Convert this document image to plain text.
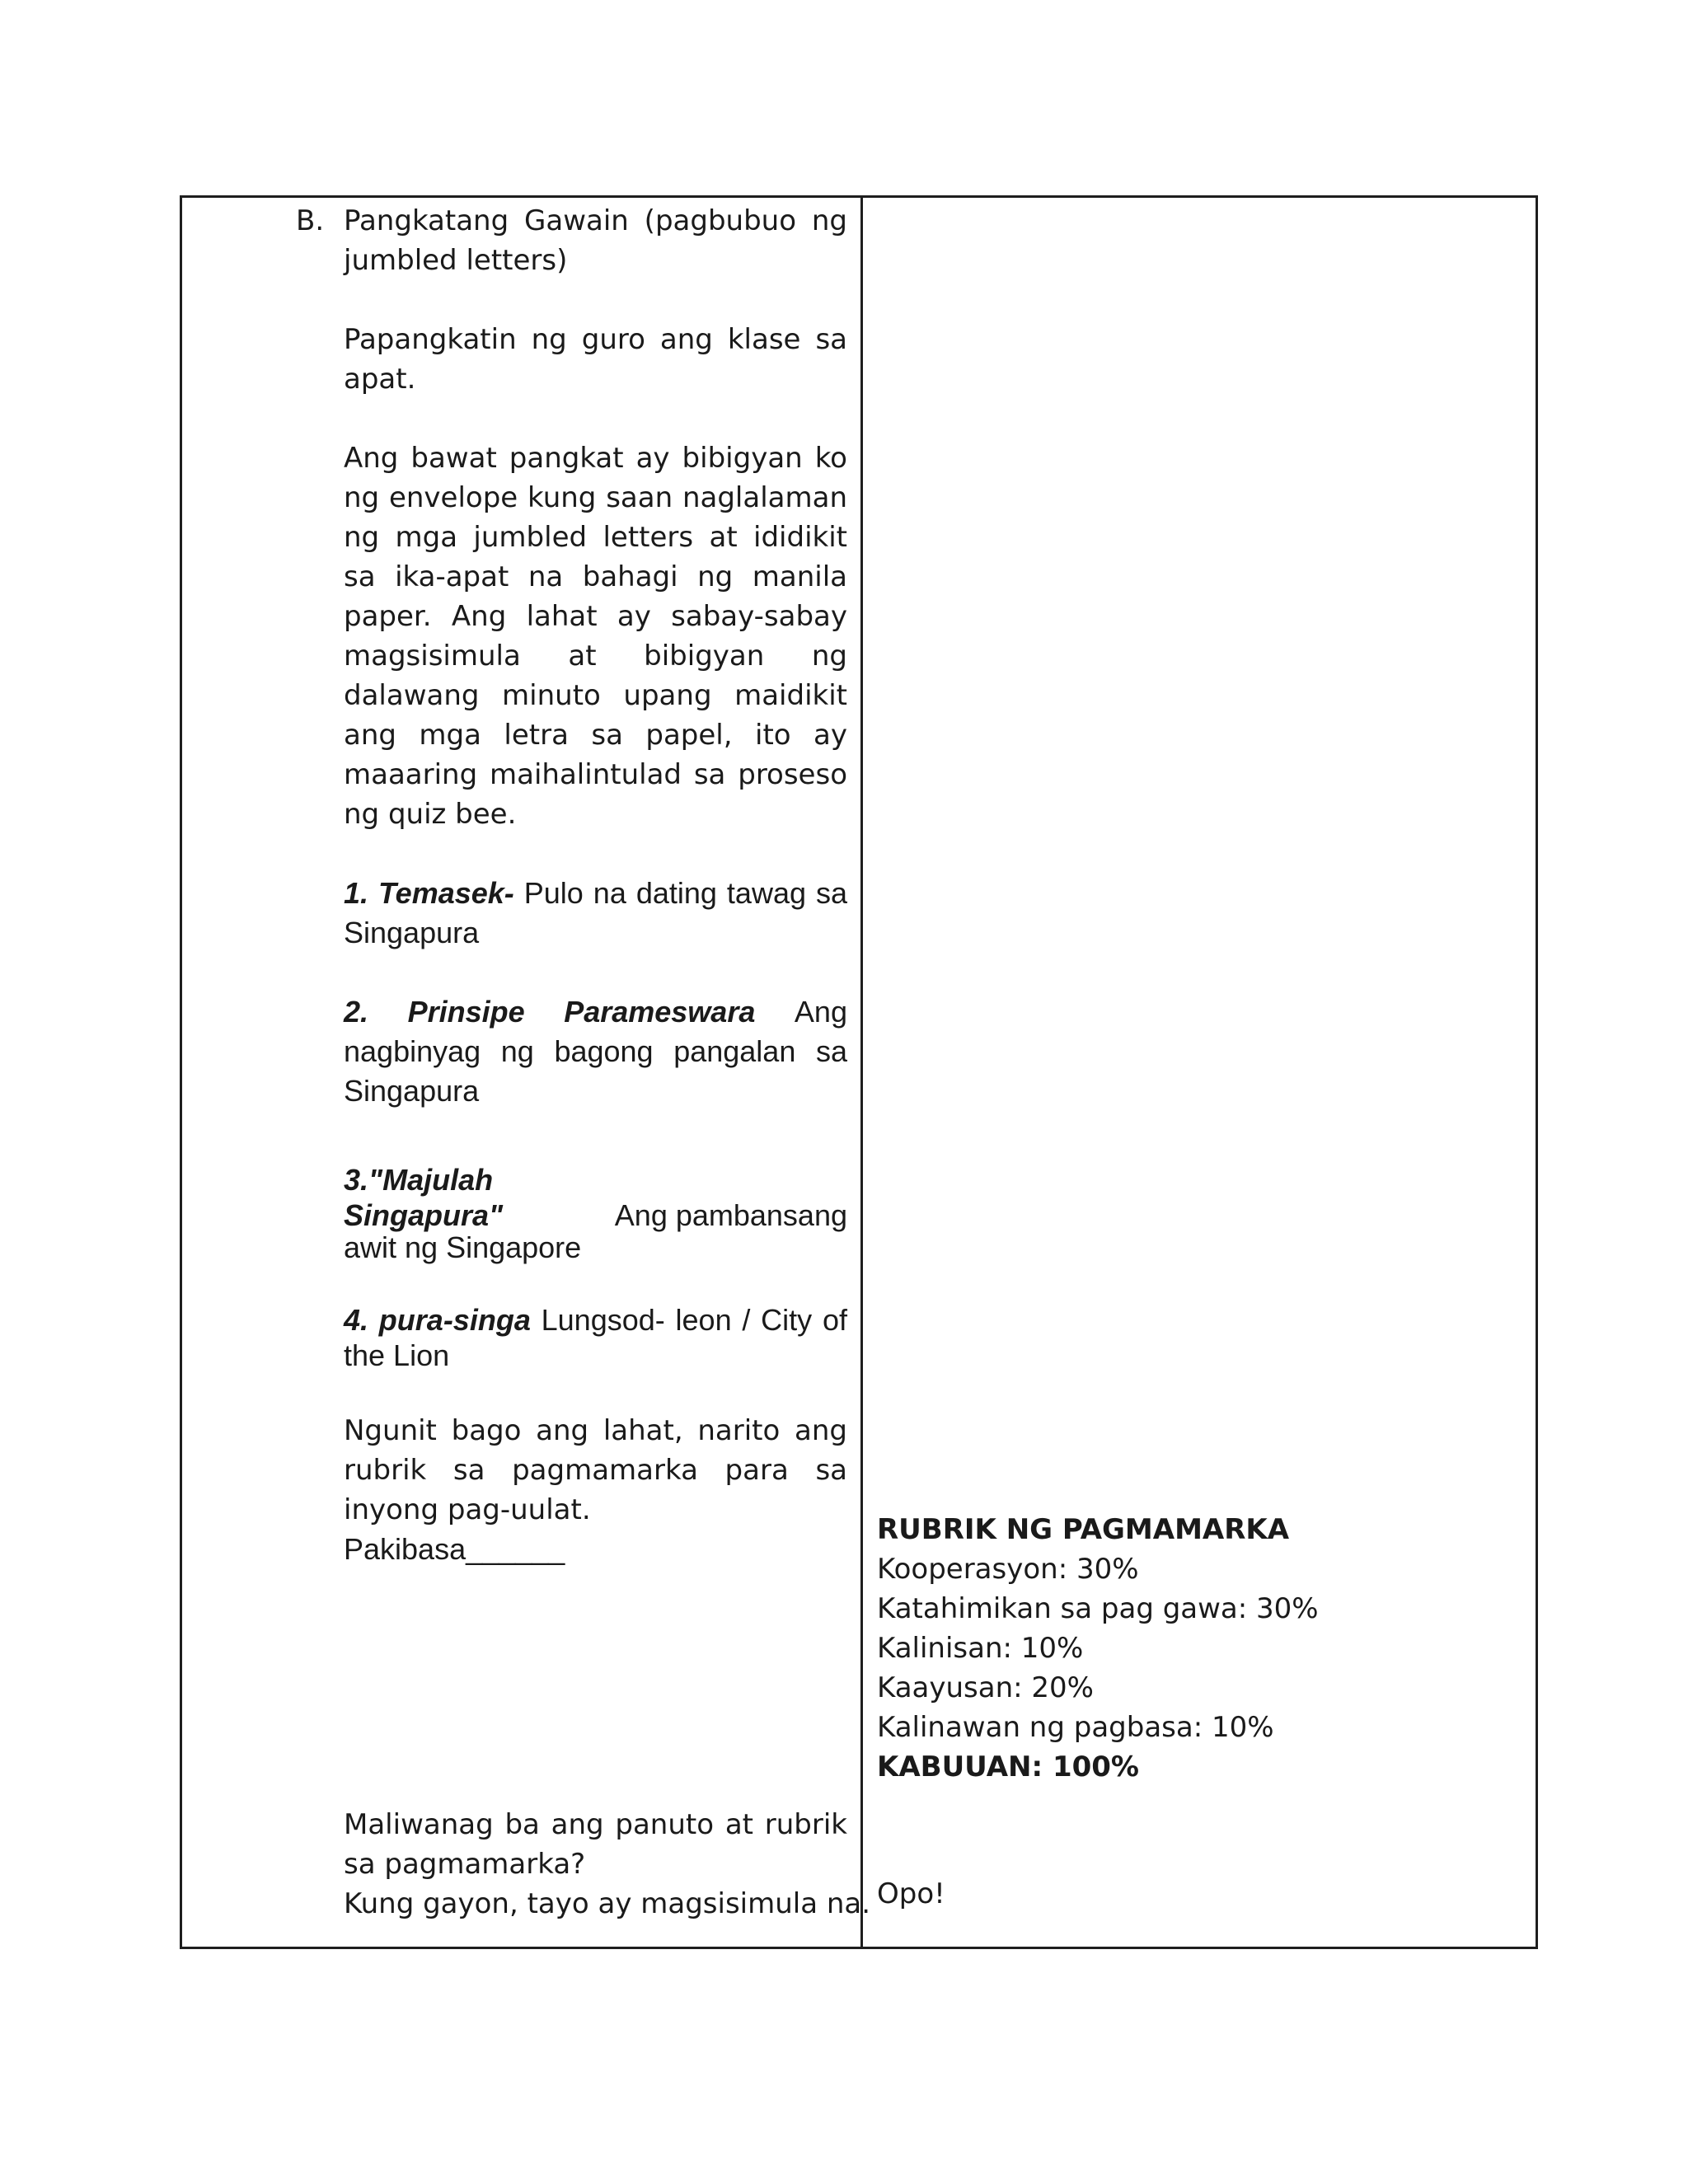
B. Pangkatang Gawain (pagbubuo ng jumbled letters)
Papangkatin ng guro ang klase sa apat.
Ang bawat pangkat ay bibigyan ko ng envelope kung saan naglalaman ng mga jumbled letters at ididikit sa ika-apat na bahagi ng manila paper. Ang lahat ay sabay-sabay magsisimula at bibigyan ng dalawang minuto upang maidikit ang mga letra sa papel, ito ay maaaring maihalintulad sa proseso ng quiz bee.
1. Temasek- Pulo na dating tawag sa Singapura
2. Prinsipe Parameswara Ang
nagbinyag ng bagong pangalan sa Singapura
3."Majulah
Singapura"	Ang pambansang
awit ng Singapore
4. pura-singa Lungsod- leon / City of the Lion
Ngunit bago ang lahat, narito ang rubrik sa pagmamarka para sa inyong pag-uulat.
Pakibasa______
Maliwanag ba ang panuto at rubrik sa pagmamarka?
Kung gayon, tayo ay magsisimula na.
RUBRIK NG PAGMAMARKA
Kooperasyon: 30%
Katahimikan sa pag gawa: 30%
Kalinisan: 10%
Kaayusan: 20%
Kalinawan ng pagbasa: 10%
KABUUAN: 100%
Opo!
